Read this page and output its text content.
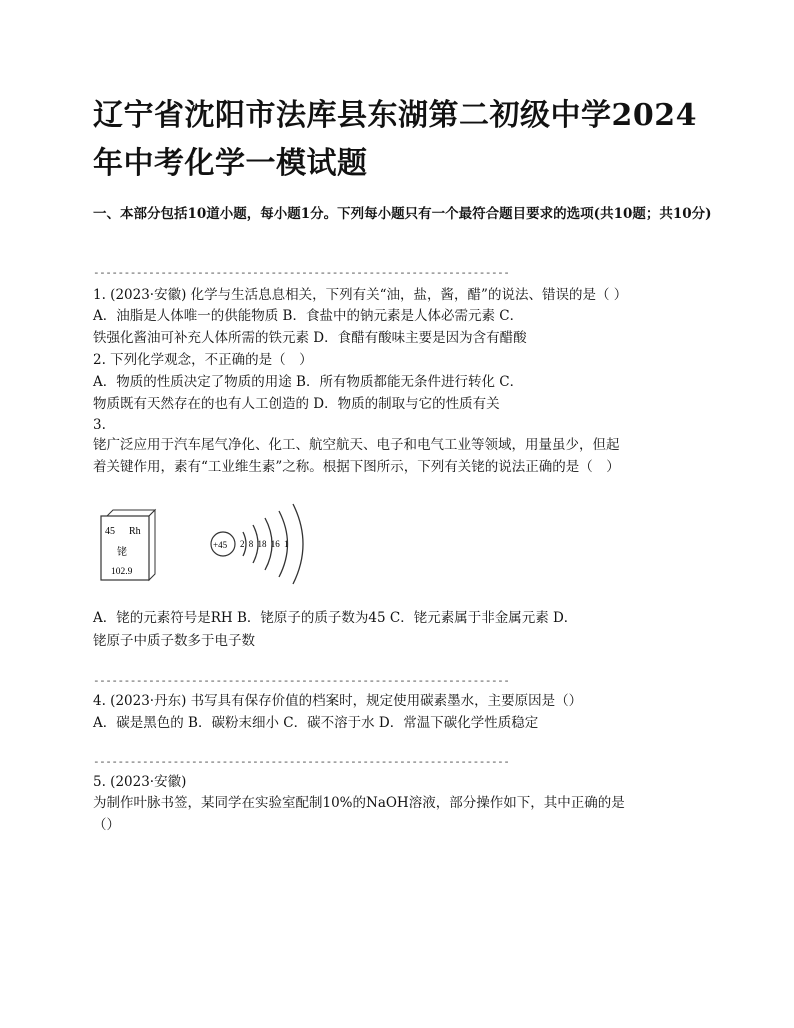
辽宁省沈阳市法库县东湖第二初级中学2024
年中考化学一模试题

一、本部分包括10道小题，每小题1分。下列每小题只有一个最符合题目要求的选项(共10题；共10分)

--------------------------------------------------------------------
1. (2023·安徽) 化学与生活息息相关，下列有关“油，盐，酱，醋”的说法、错误的是（ ）
A．油脂是人体唯一的供能物质 B．食盐中的钠元素是人体必需元素 C．
铁强化酱油可补充人体所需的铁元素 D．食醋有酸味主要是因为含有醋酸
2. 下列化学观念，不正确的是（　）
A．物质的性质决定了物质的用途 B．所有物质都能无条件进行转化 C．
物质既有天然存在的也有人工创造的 D．物质的制取与它的性质有关
3.
铑广泛应用于汽车尾气净化、化工、航空航天、电子和电气工业等领域，用量虽少，但起
着关键作用，素有“工业维生素”之称。根据下图所示，下列有关铑的说法正确的是（　）
45 Rh
铑
102.9
+45 2 8 18 16 1
A．铑的元素符号是RH B．铑原子的质子数为45 C．铑元素属于非金属元素 D．
铑原子中质子数多于电子数
--------------------------------------------------------------------
4. (2023·丹东) 书写具有保存价值的档案时，规定使用碳素墨水，主要原因是（）
A．碳是黑色的 B．碳粉末细小 C．碳不溶于水 D．常温下碳化学性质稳定
--------------------------------------------------------------------
5. (2023·安徽)
为制作叶脉书签，某同学在实验室配制10%的NaOH溶液，部分操作如下，其中正确的是
（）
